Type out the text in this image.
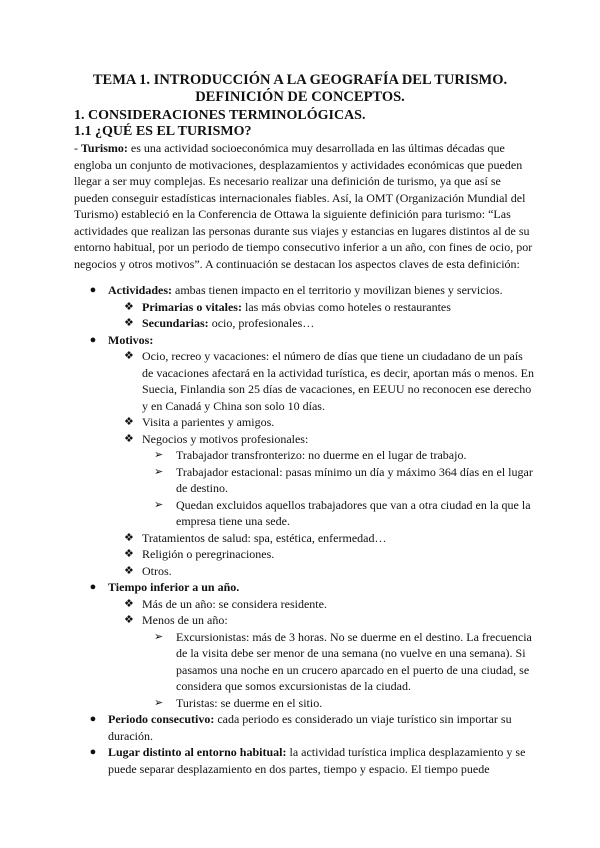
TEMA 1. INTRODUCCIÓN A LA GEOGRAFÍA DEL TURISMO.
DEFINICIÓN DE CONCEPTOS.
1. CONSIDERACIONES TERMINOLÓGICAS.
1.1 ¿QUÉ ES EL TURISMO?

- Turismo: es una actividad socioeconómica muy desarrollada en las últimas décadas que engloba un conjunto de motivaciones, desplazamientos y actividades económicas que pueden llegar a ser muy complejas. Es necesario realizar una definición de turismo, ya que así se pueden conseguir estadísticas internacionales fiables. Así, la OMT (Organización Mundial del Turismo) estableció en la Conferencia de Ottawa la siguiente definición para turismo: “Las actividades que realizan las personas durante sus viajes y estancias en lugares distintos al de su entorno habitual, por un periodo de tiempo consecutivo inferior a un año, con fines de ocio, por negocios y otros motivos”. A continuación se destacan los aspectos claves de esta definición:

● Actividades: ambas tienen impacto en el territorio y movilizan bienes y servicios.
❖ Primarias o vitales: las más obvias como hoteles o restaurantes
❖ Secundarias: ocio, profesionales…
● Motivos:
❖ Ocio, recreo y vacaciones: el número de días que tiene un ciudadano de un país de vacaciones afectará en la actividad turística, es decir, aportan más o menos. En Suecia, Finlandia son 25 días de vacaciones, en EEUU no reconocen ese derecho y en Canadá y China son solo 10 días.
❖ Visita a parientes y amigos.
❖ Negocios y motivos profesionales:
➢ Trabajador transfronterizo: no duerme en el lugar de trabajo.
➢ Trabajador estacional: pasas mínimo un día y máximo 364 días en el lugar de destino.
➢ Quedan excluidos aquellos trabajadores que van a otra ciudad en la que la empresa tiene una sede.
❖ Tratamientos de salud: spa, estética, enfermedad…
❖ Religión o peregrinaciones.
❖ Otros.
● Tiempo inferior a un año.
❖ Más de un año: se considera residente.
❖ Menos de un año:
➢ Excursionistas: más de 3 horas. No se duerme en el destino. La frecuencia de la visita debe ser menor de una semana (no vuelve en una semana). Si pasamos una noche en un crucero aparcado en el puerto de una ciudad, se considera que somos excursionistas de la ciudad.
➢ Turistas: se duerme en el sitio.
● Periodo consecutivo: cada periodo es considerado un viaje turístico sin importar su duración.
● Lugar distinto al entorno habitual: la actividad turística implica desplazamiento y se puede separar desplazamiento en dos partes, tiempo y espacio. El tiempo puede
